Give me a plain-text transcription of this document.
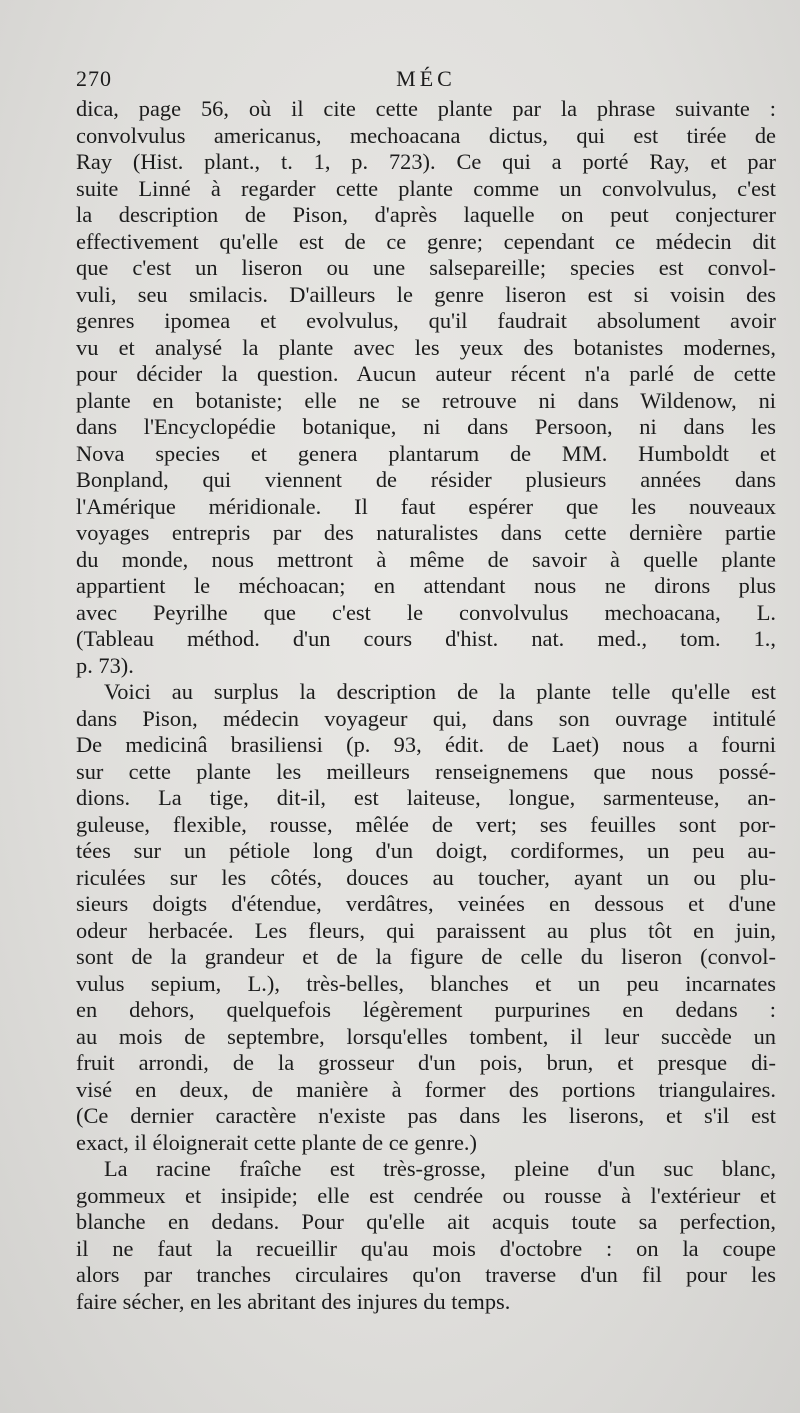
270	MÉC
dica, page 56, où il cite cette plante par la phrase suivante :
convolvulus americanus, mechoacana dictus, qui est tirée de
Ray (Hist. plant., t. 1, p. 723). Ce qui a porté Ray, et par
suite Linné à regarder cette plante comme un convolvulus, c'est
la description de Pison, d'après laquelle on peut conjecturer
effectivement qu'elle est de ce genre; cependant ce médecin dit
que c'est un liseron ou une salsepareille; species est convol-
vuli, seu smilacis. D'ailleurs le genre liseron est si voisin des
genres ipomea et evolvulus, qu'il faudrait absolument avoir
vu et analysé la plante avec les yeux des botanistes modernes,
pour décider la question. Aucun auteur récent n'a parlé de cette
plante en botaniste; elle ne se retrouve ni dans Wildenow, ni
dans l'Encyclopédie botanique, ni dans Persoon, ni dans les
Nova species et genera plantarum de MM. Humboldt et
Bonpland, qui viennent de résider plusieurs années dans
l'Amérique méridionale. Il faut espérer que les nouveaux
voyages entrepris par des naturalistes dans cette dernière partie
du monde, nous mettront à même de savoir à quelle plante
appartient le méchoacan; en attendant nous ne dirons plus
avec Peyrilhe que c'est le convolvulus mechoacana, L.
(Tableau méthod. d'un cours d'hist. nat. med., tom. 1.,
p. 73).
Voici au surplus la description de la plante telle qu'elle est
dans Pison, médecin voyageur qui, dans son ouvrage intitulé
De medicinâ brasiliensi (p. 93, édit. de Laet) nous a fourni
sur cette plante les meilleurs renseignemens que nous possé-
dions. La tige, dit-il, est laiteuse, longue, sarmenteuse, an-
guleuse, flexible, rousse, mêlée de vert; ses feuilles sont por-
tées sur un pétiole long d'un doigt, cordiformes, un peu au-
riculées sur les côtés, douces au toucher, ayant un ou plu-
sieurs doigts d'étendue, verdâtres, veinées en dessous et d'une
odeur herbacée. Les fleurs, qui paraissent au plus tôt en juin,
sont de la grandeur et de la figure de celle du liseron (convol-
vulus sepium, L.), très-belles, blanches et un peu incarnates
en dehors, quelquefois légèrement purpurines en dedans :
au mois de septembre, lorsqu'elles tombent, il leur succède un
fruit arrondi, de la grosseur d'un pois, brun, et presque di-
visé en deux, de manière à former des portions triangulaires.
(Ce dernier caractère n'existe pas dans les liserons, et s'il est
exact, il éloignerait cette plante de ce genre.)
La racine fraîche est très-grosse, pleine d'un suc blanc,
gommeux et insipide; elle est cendrée ou rousse à l'extérieur et
blanche en dedans. Pour qu'elle ait acquis toute sa perfection,
il ne faut la recueillir qu'au mois d'octobre : on la coupe
alors par tranches circulaires qu'on traverse d'un fil pour les
faire sécher, en les abritant des injures du temps.
